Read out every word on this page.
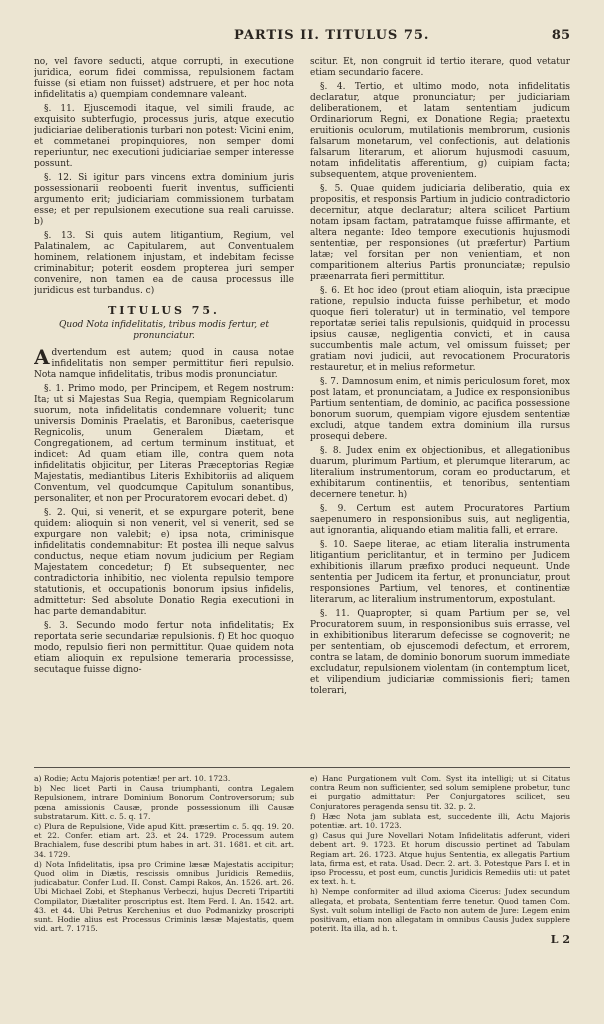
PARTIS II. TITULUS 75.	85

no, vel favore seducti, atque corrupti, in executione juridica, eorum fidei commissa, repulsionem factam fuisse (si etiam non fuisset) adstruere, et per hoc nota infidelitatis a) quempiam condemnare valeant.

§. 11. Ejuscemodi itaque, vel simili fraude, ac exquisito subterfugio, processus juris, atque executio judiciariae deliberationis turbari non potest: Vicini enim, et commetanei propinquiores, non semper domi reperiuntur, nec executioni judiciariae semper interesse possunt.

§. 12. Si igitur pars vincens extra dominium juris possessionarii reoboenti fuerit inventus, sufficienti argumento erit; judiciariam commissionem turbatam esse; et per repulsionem executione sua reali caruisse. b)

§. 13. Si quis autem litigantium, Regium, vel Palatinalem, ac Capitularem, aut Conventualem hominem, relationem injustam, et indebitam fecisse criminabitur; poterit eosdem propterea juri semper convenire, non tamen ea de causa processus ille juridicus est turbandus. c)

TITULUS 75.
Quod Nota infidelitatis, tribus modis fertur, et pronunciatur.

Advertendum est autem; quod in causa notae infidelitatis non semper permittitur fieri repulsio. Nota namque infidelitatis, tribus modis pronunciatur.

§. 1. Primo modo, per Principem, et Regem nostrum: Ita; ut si Majestas Sua Regia, quempiam Regnicolarum suorum, nota infidelitatis condemnare voluerit; tunc universis Dominis Praelatis, et Baronibus, caeterisque Regnicolis, unum Generalem Diætam, et Congregationem, ad certum terminum instituat, et indicet: Ad quam etiam ille, contra quem nota infidelitatis objicitur, per Literas Præceptorias Regiæ Majestatis, mediantibus Literis Exhibitoriis ad aliquem Conventum, vel quodcumque Capitulum sonantibus, personaliter, et non per Procuratorem evocari debet. d)

§. 2. Qui, si venerit, et se expurgare poterit, bene quidem: alioquin si non venerit, vel si venerit, sed se expurgare non valebit; e) ipsa nota, criminisque infidelitatis condemnabitur: Et postea illi neque salvus conductus, neque etiam novum judicium per Regiam Majestatem concedetur; f) Et subsequenter, nec contradictoria inhibitio, nec violenta repulsio tempore statutionis, et occupationis bonorum ipsius infidelis, admittetur: Sed absolute Donatio Regia executioni in hac parte demandabitur.

§. 3. Secundo modo fertur nota infidelitatis; Ex reportata serie secundariæ repulsionis. f) Et hoc quoquo modo, repulsio fieri non permittitur. Quae quidem nota etiam alioquin ex repulsione temeraria processisse, secutaque fuisse digno-

scitur. Et, non congruit id tertio iterare, quod vetatur etiam secundario facere.

§. 4. Tertio, et ultimo modo, nota infidelitatis declaratur, atque pronunciatur; per judiciariam deliberationem, et latam sententiam judicum Ordinariorum Regni, ex Donatione Regia; praetextu eruitionis oculorum, mutilationis membrorum, cusionis falsarum monetarum, vel confectionis, aut delationis falsarum literarum, et aliorum hujusmodi casuum, notam infidelitatis afferentium, g) cuipiam facta; subsequentem, atque provenientem.

§. 5. Quae quidem judiciaria deliberatio, quia ex propositis, et responsis Partium in judicio contradictorio decernitur, atque declaratur; altera scilicet Partium notam ipsam factam, patratamque fuisse affirmante, et altera negante: Ideo tempore executionis hujusmodi sententiæ, per responsiones (ut præfertur) Partium latæ; vel forsitan per non venientiam, et non comparitionem alterius Partis pronunciatæ; repulsio præenarrata fieri permittitur.

§. 6. Et hoc ideo (prout etiam alioquin, ista præcipue ratione, repulsio inducta fuisse perhibetur, et modo quoque fieri toleratur) ut in terminatio, vel tempore reportatæ seriei talis repulsionis, quidquid in processu ipsius causæ, negligentia convicti, et in causa succumbentis male actum, vel omissum fuisset; per gratiam novi judicii, aut revocationem Procuratoris restauretur, et in melius reformetur.

§. 7. Damnosum enim, et nimis periculosum foret, mox post latam, et pronunciatam, a Judice ex responsionibus Partium sententiam, de dominio, ac pacifica possessione bonorum suorum, quempiam vigore ejusdem sententiæ excludi, atque tandem extra dominium illa rursus prosequi debere.

§. 8. Judex enim ex objectionibus, et allegationibus duarum, plurimum Partium, et plerumque literarum, ac literalium instrumentorum, coram eo productarum, et exhibitarum continentiis, et tenoribus, sententiam decernere tenetur. h)

§. 9. Certum est autem Procuratores Partium saepenumero in responsionibus suis, aut negligentia, aut ignorantia, aliquando etiam malitia falli, et errare.

§. 10. Saepe literae, ac etiam literalia instrumenta litigantium periclitantur, et in termino per Judicem exhibitionis illarum præfixo produci nequeunt. Unde sententia per Judicem ita fertur, et pronunciatur, prout responsiones Partium, vel tenores, et continentiæ literarum, ac literalium instrumentorum, expostulant.

§. 11. Quapropter, si quam Partium per se, vel Procuratorem suum, in responsionibus suis errasse, vel in exhibitionibus literarum defecisse se cognoverit; ne per sententiam, ob ejuscemodi defectum, et errorem, contra se latam, de dominio bonorum suorum immediate excludatur, repulsionem violentam (in contemptum licet, et vilipendium judiciariæ commissionis fieri; tamen tolerari,

a) Rodie; Actu Majoris potentiæ! per art. 10. 1723.

b) Nec licet Parti in Causa triumphanti, contra Legalem Repulsionem, intrare Dominium Bonorum Controversorum; sub pœna amissionis Causæ, pronde possessionum illi Causæ substratarum. Kitt. c. 5. q. 17.

c) Plura de Repulsione, Vide apud Kitt. præsertim c. 5. qq. 19. 20. et 22. Confer. etiam art. 23. et 24. 1729. Processum autem Brachialem, fuse describi ptum habes in art. 31. 1681. et cit. art. 34. 1729.

d) Nota Infidelitatis, ipsa pro Crimine læsæ Majestatis accipitur; Quod olim in Diætis, rescissis omnibus Juridicis Remediis, judicabatur. Confer Lud. II. Const. Campi Rakos, An. 1526. art. 26. Ubi Michael Zobi, et Stephanus Verbeczi, hujus Decreti Tripartiti Compilator, Diætaliter proscriptus est. Item Ferd. I. An. 1542. art. 43. et 44. Ubi Petrus Kerchenius et duo Podmanizky proscripti sunt. Hodie alius est Processus Criminis læsæ Majestatis, quem vid. art. 7. 1715.

e) Hanc Purgationem vult Com. Syst ita intelligi; ut si Citatus contra Reum non sufficienter, sed solum semiplene probetur, tunc ei purgatio admittatur: Per Conjurgatores scilicet, seu Conjuratores peragenda sensu tit. 32. p. 2.

f) Hæc Nota jam sublata est, succedente illi, Actu Majoris potentiæ. art. 10. 1723.

g) Casus qui Jure Novellari Notam Infidelitatis adferunt, videri debent art. 9. 1723. Et horum discussio pertinet ad Tabulam Regiam art. 26. 1723. Atque hujus Sententia, ex allegatis Partium lata, firma est, et rata. Usad. Decr. 2. art. 3. Potestque Pars I. et in ipso Processu, et post eum, cunctis Juridicis Remediis uti: ut patet ex text. h. t.

h) Nempe conformiter ad illud axioma Cicerus: Judex secundum allegata, et probata, Sententiam ferre tenetur. Quod tamen Com. Syst. vult solum intelligi de Facto non autem de Jure: Legem enim positivam, etiam non allegatam in omnibus Causis Judex supplere poterit. Ita illa, ad h. t.

L 2
